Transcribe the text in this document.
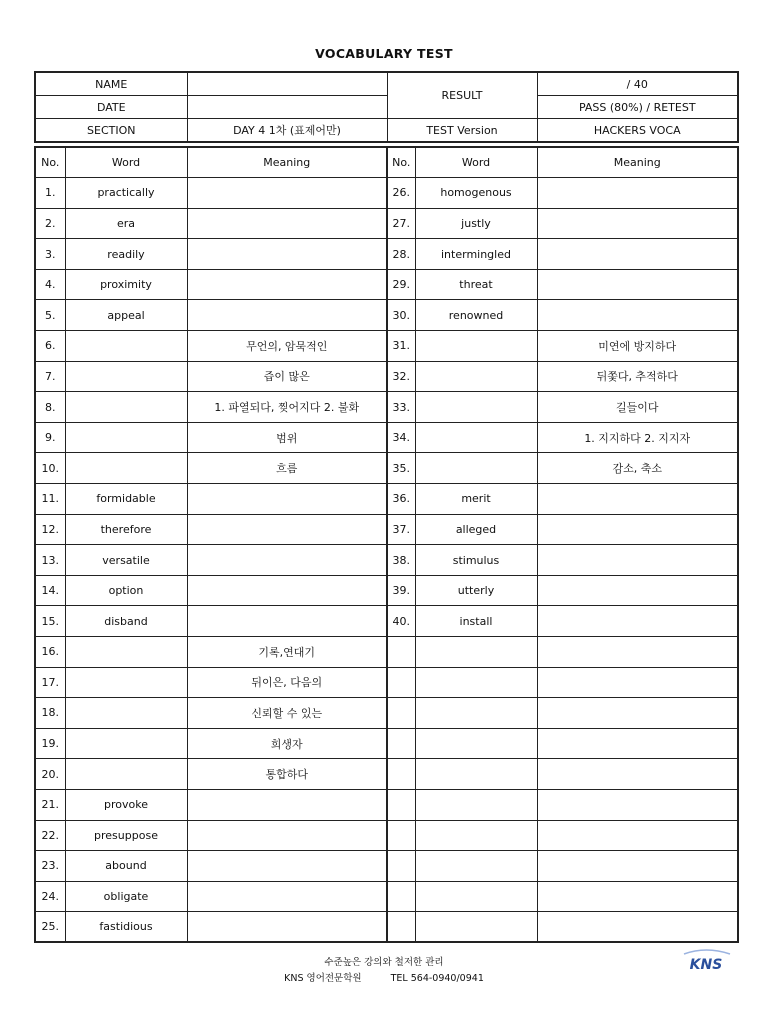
VOCABULARY TEST
NAME		RESULT	/ 40
DATE			PASS (80%) / RETEST
SECTION	DAY 4 1차 (표제어만)	TEST Version	HACKERS VOCA
No.	Word	Meaning	No.	Word	Meaning
1.	practically		26.	homogenous	
2.	era		27.	justly	
3.	readily		28.	intermingled	
4.	proximity		29.	threat	
5.	appeal		30.	renowned	
6.		무언의, 암묵적인	31.		미연에 방지하다
7.		즙이 많은	32.		뒤쫓다, 추적하다
8.		1. 파열되다, 찢어지다 2. 불화	33.		길들이다
9.		범위	34.		1. 지지하다 2. 지지자
10.		흐름	35.		감소, 축소
11.	formidable		36.	merit	
12.	therefore		37.	alleged	
13.	versatile		38.	stimulus	
14.	option		39.	utterly	
15.	disband		40.	install	
16.		기록,연대기			
17.		뒤이은, 다음의			
18.		신뢰할 수 있는			
19.		희생자			
20.		통합하다			
21.	provoke				
22.	presuppose				
23.	abound				
24.	obligate				
25.	fastidious				
수준높은 강의와 철저한 관리
KNS 영어전문학원	TEL 564-0940/0941
KNS
